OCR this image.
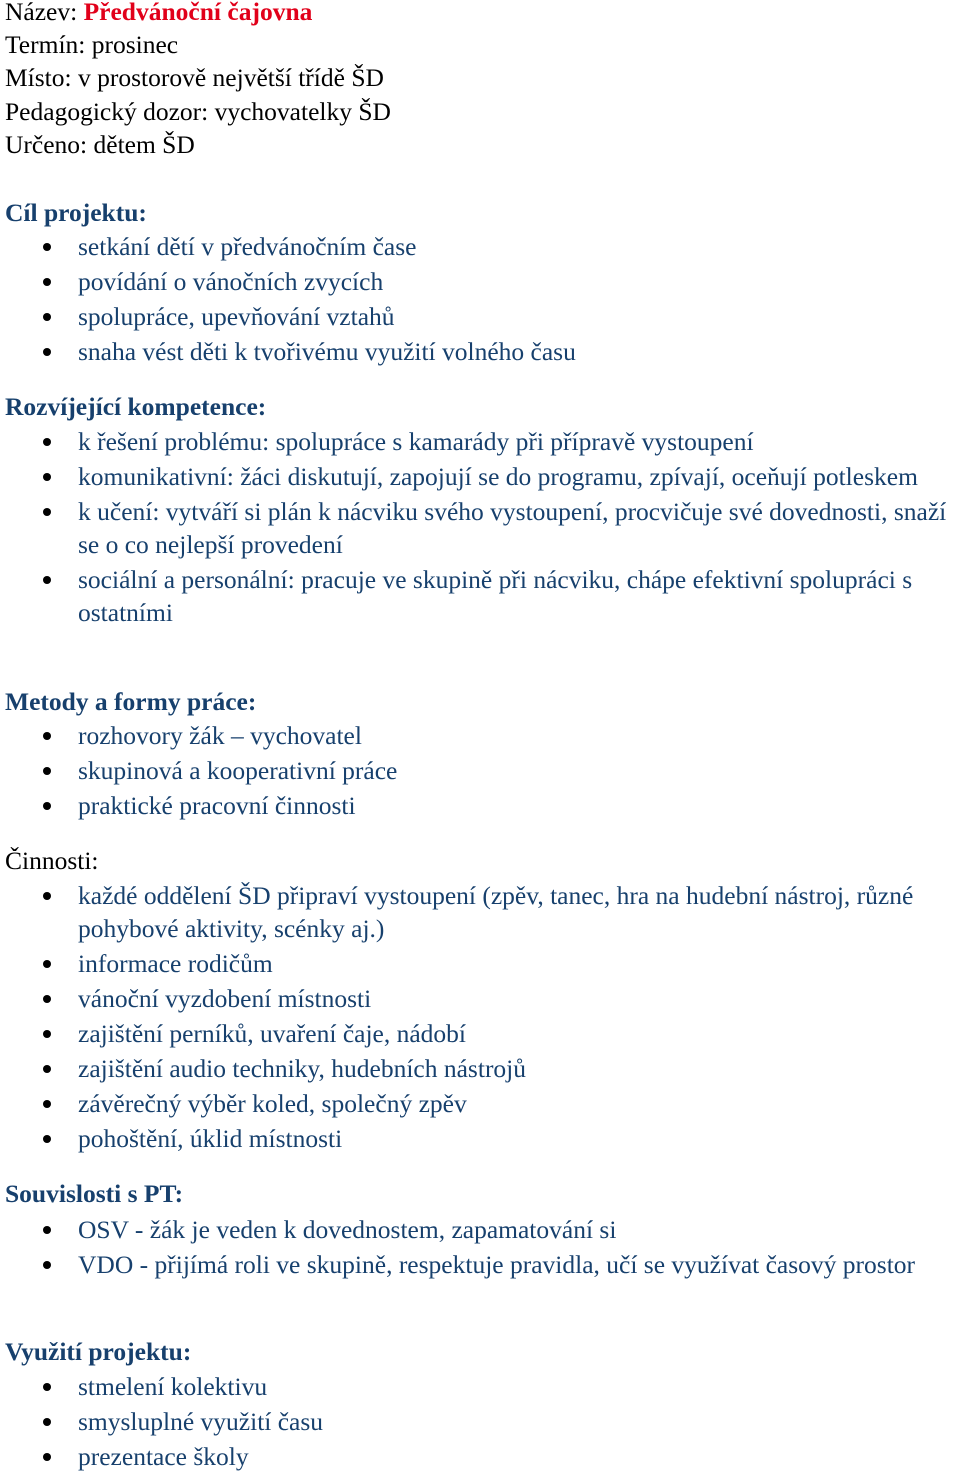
Název: Předvánoční čajovna
Termín: prosinec
Místo: v prostorově největší třídě ŠD
Pedagogický dozor: vychovatelky ŠD
Určeno: dětem ŠD
Cíl projektu:
setkání dětí v předvánočním čase
povídání o vánočních zvycích
spolupráce, upevňování vztahů
snaha vést děti k tvořivému využití volného času
Rozvíjející kompetence:
k řešení problému: spolupráce s kamarády při přípravě vystoupení
komunikativní: žáci diskutují, zapojují se do programu, zpívají, oceňují potleskem
k učení: vytváří si plán k nácviku svého vystoupení, procvičuje své dovednosti, snaží se o co nejlepší provedení
sociální a personální: pracuje ve skupině při nácviku, chápe efektivní spolupráci s ostatními
Metody a formy práce:
rozhovory žák – vychovatel
skupinová a kooperativní práce
praktické pracovní činnosti
Činnosti:
každé oddělení ŠD připraví vystoupení (zpěv, tanec, hra na hudební nástroj, různé pohybové aktivity, scénky aj.)
informace rodičům
vánoční vyzdobení místnosti
zajištění perníků, uvaření čaje, nádobí
zajištění audio techniky, hudebních nástrojů
závěrečný výběr koled, společný zpěv
pohoštění, úklid místnosti
Souvislosti s PT:
OSV - žák je veden k dovednostem, zapamatování si
VDO - přijímá roli ve skupině, respektuje pravidla, učí se využívat časový prostor
Využití projektu:
stmelení kolektivu
smysluplné využití času
prezentace školy
